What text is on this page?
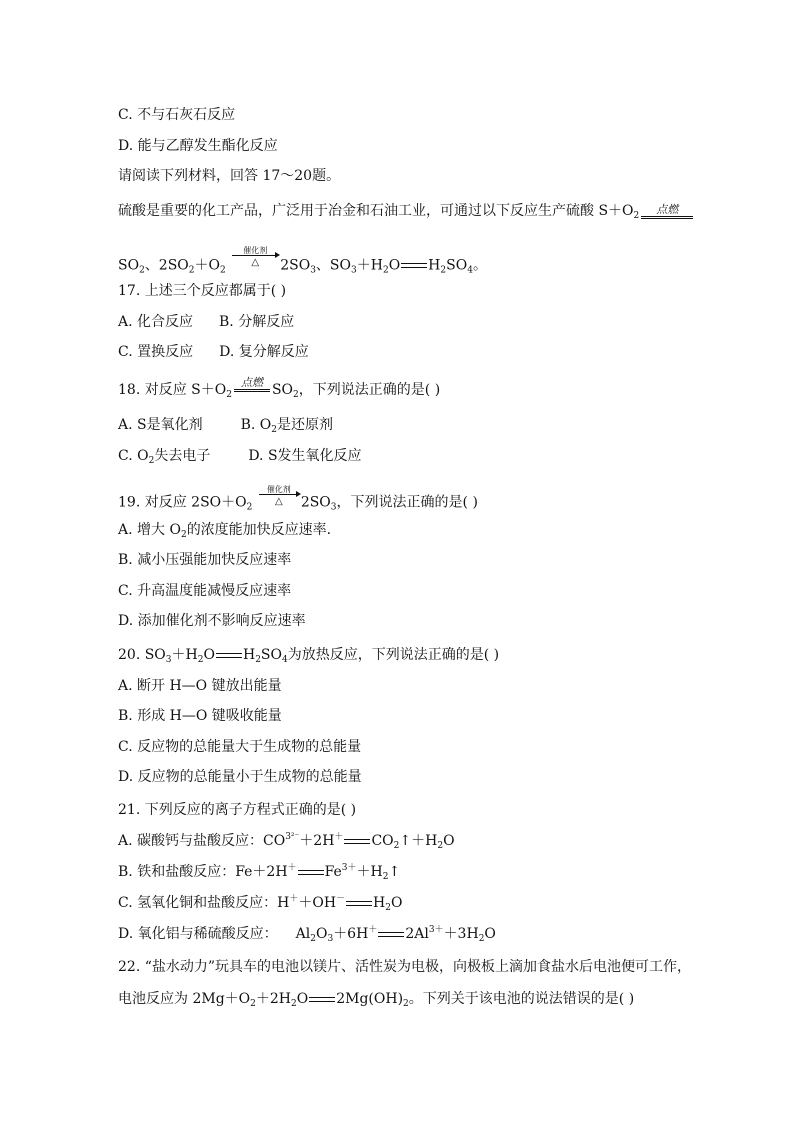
C. 不与石灰石反应
D. 能与乙醇发生酯化反应
请阅读下列材料，回答 17～20题。
硫酸是重要的化工产品，广泛用于冶金和石油工业，可通过以下反应生产硫酸 $S+O_2$
点燃
$SO_2$、$2SO_2+O_2$
催化剂
△	$2SO_3$、$SO_3+H_2O$ $H_2SO_4$。
17. 上述三个反应都属于( )
A. 化合反应 B. 分解反应
C. 置换反应 D. 复分解反应
18. 对反应 $S+O_2$
点燃 $SO_2$，下列说法正确的是( )
A. S是氧化剂	B. $O_2$是还原剂
C. $O_2$失去电子	D. S发生氧化反应
19. 对反应 $2SO+O_2$
催化剂
△	$2SO_3$，下列说法正确的是( )
A. 增大 $O_2$的浓度能加快反应速率.
B. 减小压强能加快反应速率
C. 升高温度能减慢反应速率
D. 添加催化剂不影响反应速率
20. $SO_3+H_2O$ $H_2SO_4$为放热反应，下列说法正确的是( )
A. 断开 H—O 键放出能量
B. 形成 H—O 键吸收能量
C. 反应物的总能量大于生成物的总能量
D. 反应物的总能量小于生成物的总能量
21. 下列反应的离子方程式正确的是( )
A. 碳酸钙与盐酸反应：$CO^{3^{2-}}+2H^+$ $CO_2↑+H_2O$
B. 铁和盐酸反应：Fe＋2H＋ $Fe^{3+}+H_2↑$
C. 氢氧化铜和盐酸反应：H＋＋OH－ $H_2O$
D. 氧化铝与稀硫酸反应： $Al_2O_3+6H^+$ $2Al^{3+}+3H_2O$
22. “盐水动力”玩具车的电池以镁片、活性炭为电极，向极板上滴加食盐水后电池便可工作，
电池反应为 $2Mg+O_2+2H_2O$ $2Mg(OH)_2$。下列关于该电池的说法错误的是( )
